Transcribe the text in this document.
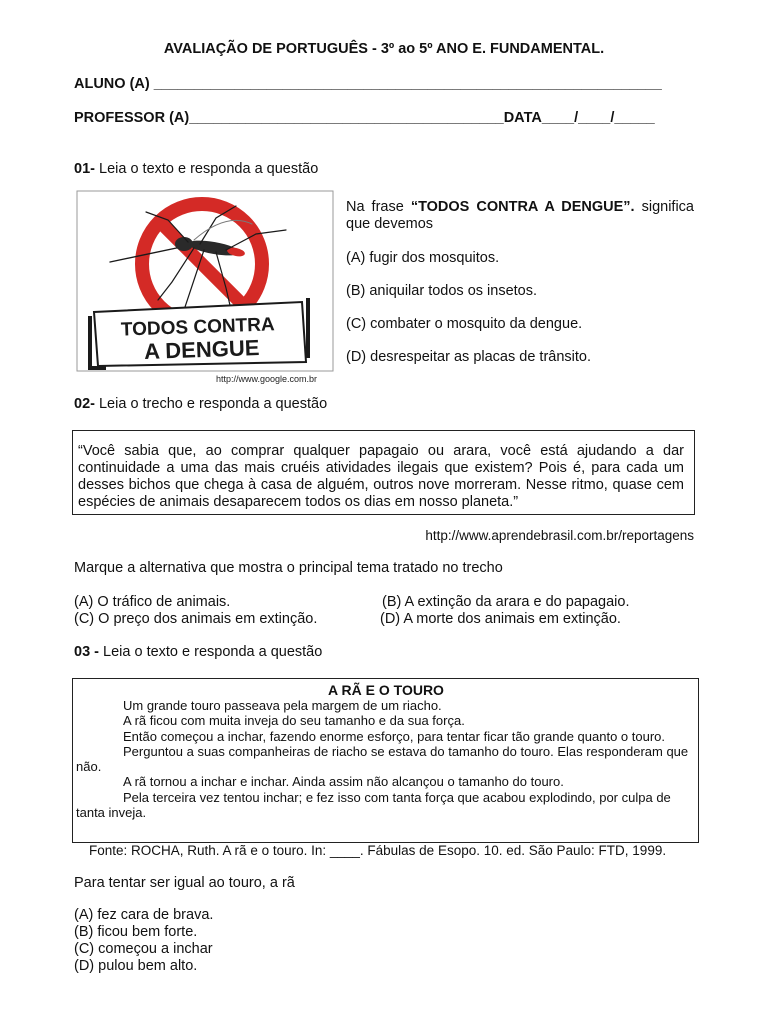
AVALIAÇÃO DE PORTUGUÊS - 3º ao 5º ANO E. FUNDAMENTAL.
ALUNO (A) _______________________________________________________________
PROFESSOR (A)_______________________________________DATA____/____/_____
01- Leia o texto e responda a questão
TODOS CONTRA
A DENGUE
http://www.google.com.br
Na frase “TODOS CONTRA A DENGUE”. significa que devemos
(A) fugir dos mosquitos.
(B) aniquilar todos os insetos.
(C) combater o mosquito da dengue.
(D) desrespeitar as placas de trânsito.
02- Leia o trecho e responda a questão
“Você sabia que, ao comprar qualquer papagaio ou arara, você está ajudando a dar continuidade a uma das mais cruéis atividades ilegais que existem? Pois é, para cada um desses bichos que chega à casa de alguém, outros nove morreram. Nesse ritmo, quase cem espécies de animais desaparecem todos os dias em nosso planeta.”
http://www.aprendebrasil.com.br/reportagens
Marque a alternativa que mostra o principal tema tratado no trecho
(A) O tráfico de animais.	(B) A extinção da arara e do papagaio.
(C) O preço dos animais em extinção.	(D) A morte dos animais em extinção.
03 - Leia o texto e responda a questão
A RÃ E O TOURO

Um grande touro passeava pela margem de um riacho.

A rã ficou com muita inveja do seu tamanho e da sua força.

Então começou a inchar, fazendo enorme esforço, para tentar ficar tão grande quanto o touro.

Perguntou a suas companheiras de riacho se estava do tamanho do touro. Elas responderam que não.

A rã tornou a inchar e inchar. Ainda assim não alcançou o tamanho do touro.

Pela terceira vez tentou inchar; e fez isso com tanta força que acabou explodindo, por culpa de tanta inveja.

Fonte: ROCHA, Ruth. A rã e o touro. In: ____. Fábulas de Esopo. 10. ed. São Paulo: FTD, 1999.
Para tentar ser igual ao touro, a rã
(A) fez cara de brava.
(B) ficou bem forte.
(C) começou a inchar
(D) pulou bem alto.
